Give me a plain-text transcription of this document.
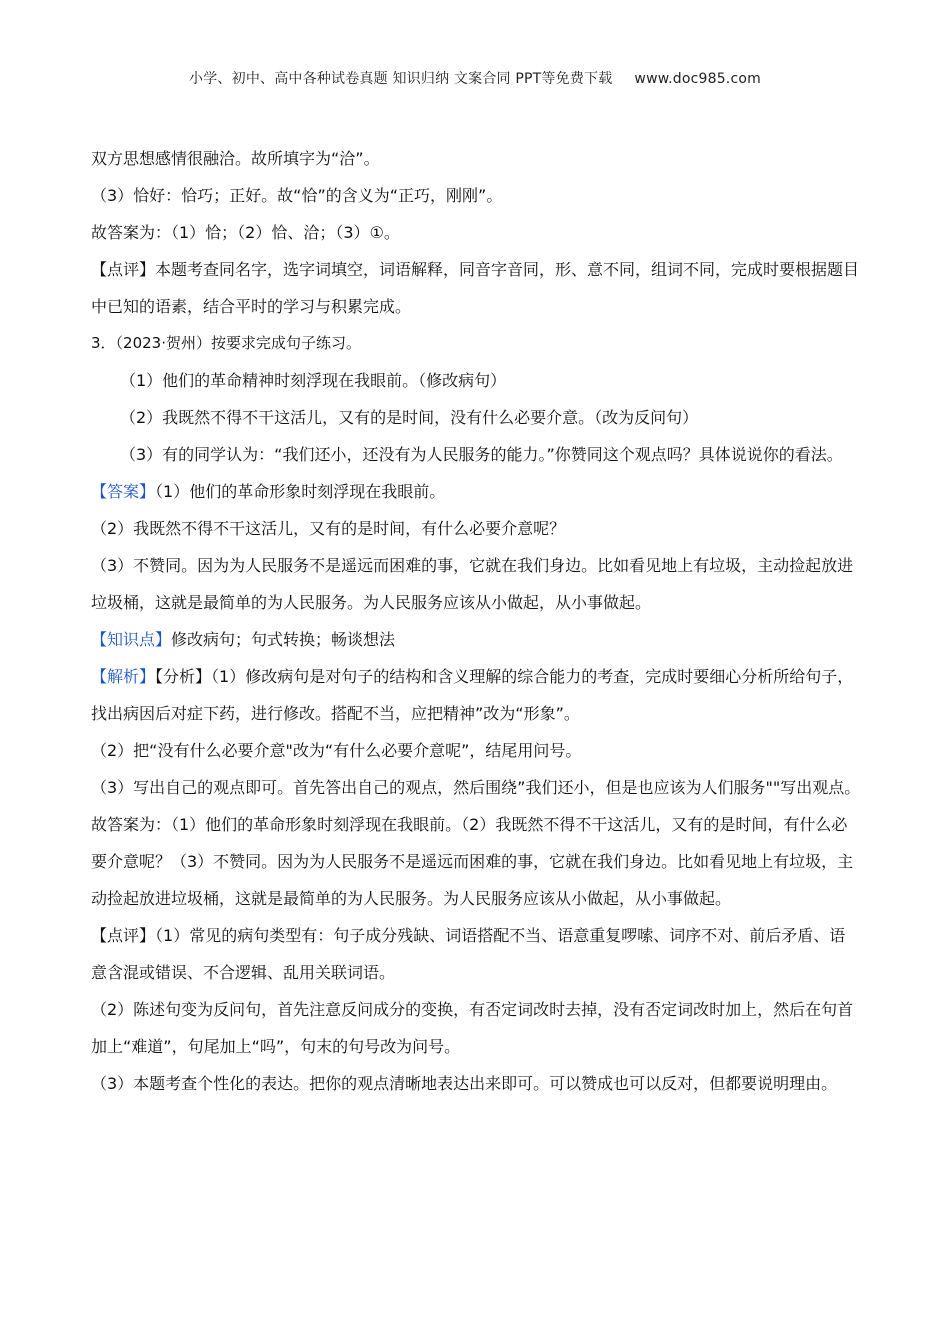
小学、初中、高中各种试卷真题 知识归纳 文案合同 PPT等免费下载 www.doc985.com

双方思想感情很融洽。故所填字为“洽”。

（3）恰好：恰巧；正好。故“恰”的含义为“正巧，刚刚”。

故答案为：（1）恰；（2）恰、洽；（3）①。

【点评】本题考查同名字，选字词填空，词语解释，同音字音同，形、意不同，组词不同，完成时要根据题目中已知的语素，结合平时的学习与积累完成。

3．（2023·贺州）按要求完成句子练习。

（1）他们的革命精神时刻浮现在我眼前。（修改病句）

（2）我既然不得不干这活儿，又有的是时间，没有什么必要介意。（改为反问句）

（3）有的同学认为：“我们还小，还没有为人民服务的能力。”你赞同这个观点吗？具体说说你的看法。

【答案】（1）他们的革命形象时刻浮现在我眼前。

（2）我既然不得不干这活儿，又有的是时间，有什么必要介意呢？

（3）不赞同。因为为人民服务不是遥远而困难的事，它就在我们身边。比如看见地上有垃圾，主动捡起放进垃圾桶，这就是最简单的为人民服务。为人民服务应该从小做起，从小事做起。

【知识点】修改病句；句式转换；畅谈想法

【解析】【分析】（1）修改病句是对句子的结构和含义理解的综合能力的考查，完成时要细心分析所给句子，找出病因后对症下药，进行修改。搭配不当，应把精神”改为“形象”。

（2）把“没有什么必要介意"改为“有什么必要介意呢”，结尾用问号。

（3）写出自己的观点即可。首先答出自己的观点，然后围绕”我们还小，但是也应该为人们服务""写出观点。

故答案为：（1）他们的革命形象时刻浮现在我眼前。（2）我既然不得不干这活儿，又有的是时间，有什么必要介意呢？（3）不赞同。因为为人民服务不是遥远而困难的事，它就在我们身边。比如看见地上有垃圾，主动捡起放进垃圾桶，这就是最简单的为人民服务。为人民服务应该从小做起，从小事做起。

【点评】（1）常见的病句类型有：句子成分残缺、词语搭配不当、语意重复啰嗦、词序不对、前后矛盾、语意含混或错误、不合逻辑、乱用关联词语。

（2）陈述句变为反问句，首先注意反问成分的变换，有否定词改时去掉，没有否定词改时加上，然后在句首加上“难道”，句尾加上“吗”，句末的句号改为问号。

（3）本题考查个性化的表达。把你的观点清晰地表达出来即可。可以赞成也可以反对，但都要说明理由。
